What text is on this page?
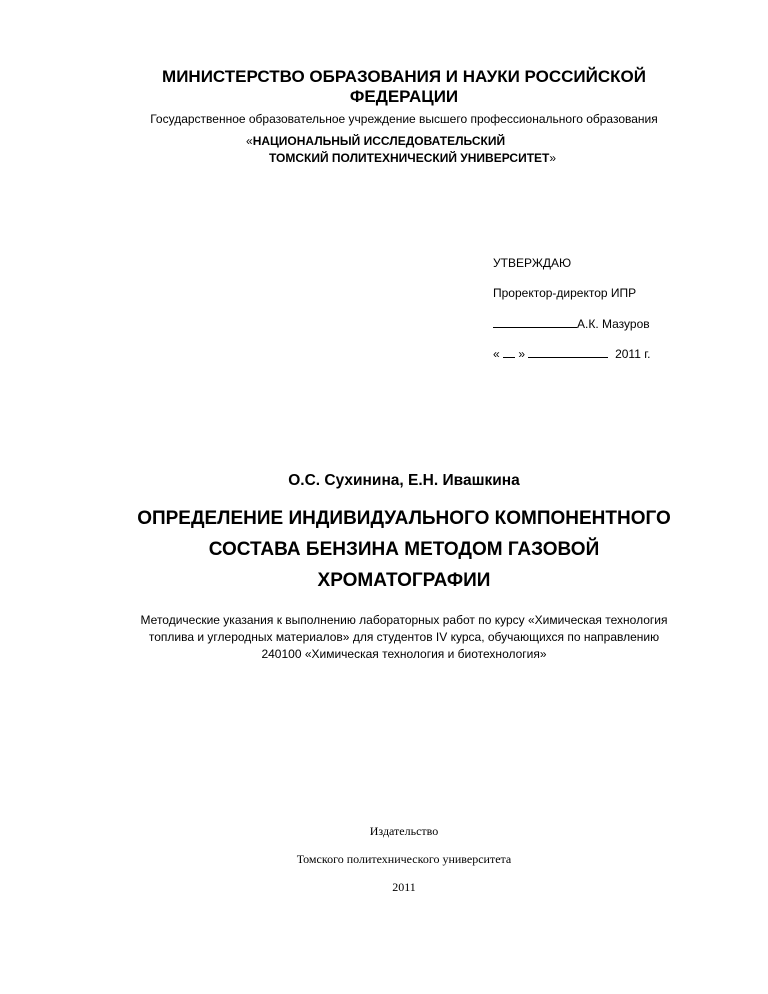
МИНИСТЕРСТВО ОБРАЗОВАНИЯ И НАУКИ РОССИЙСКОЙ
ФЕДЕРАЦИИ
Государственное образовательное учреждение высшего профессионального образования
«НАЦИОНАЛЬНЫЙ ИССЛЕДОВАТЕЛЬСКИЙ
ТОМСКИЙ ПОЛИТЕХНИЧЕСКИЙ УНИВЕРСИТЕТ»
УТВЕРЖДАЮ
Проректор-директор ИПР
А.К. Мазуров
« »	2011 г.
О.С. Сухинина, Е.Н. Ивашкина
ОПРЕДЕЛЕНИЕ ИНДИВИДУАЛЬНОГО КОМПОНЕНТНОГО
СОСТАВА БЕНЗИНА МЕТОДОМ ГАЗОВОЙ
ХРОМАТОГРАФИИ
Методические указания к выполнению лабораторных работ по курсу «Химическая технология
топлива и углеродных материалов» для студентов IV курса, обучающихся по направлению
240100 «Химическая технология и биотехнология»
Издательство
Томского политехнического университета
2011
